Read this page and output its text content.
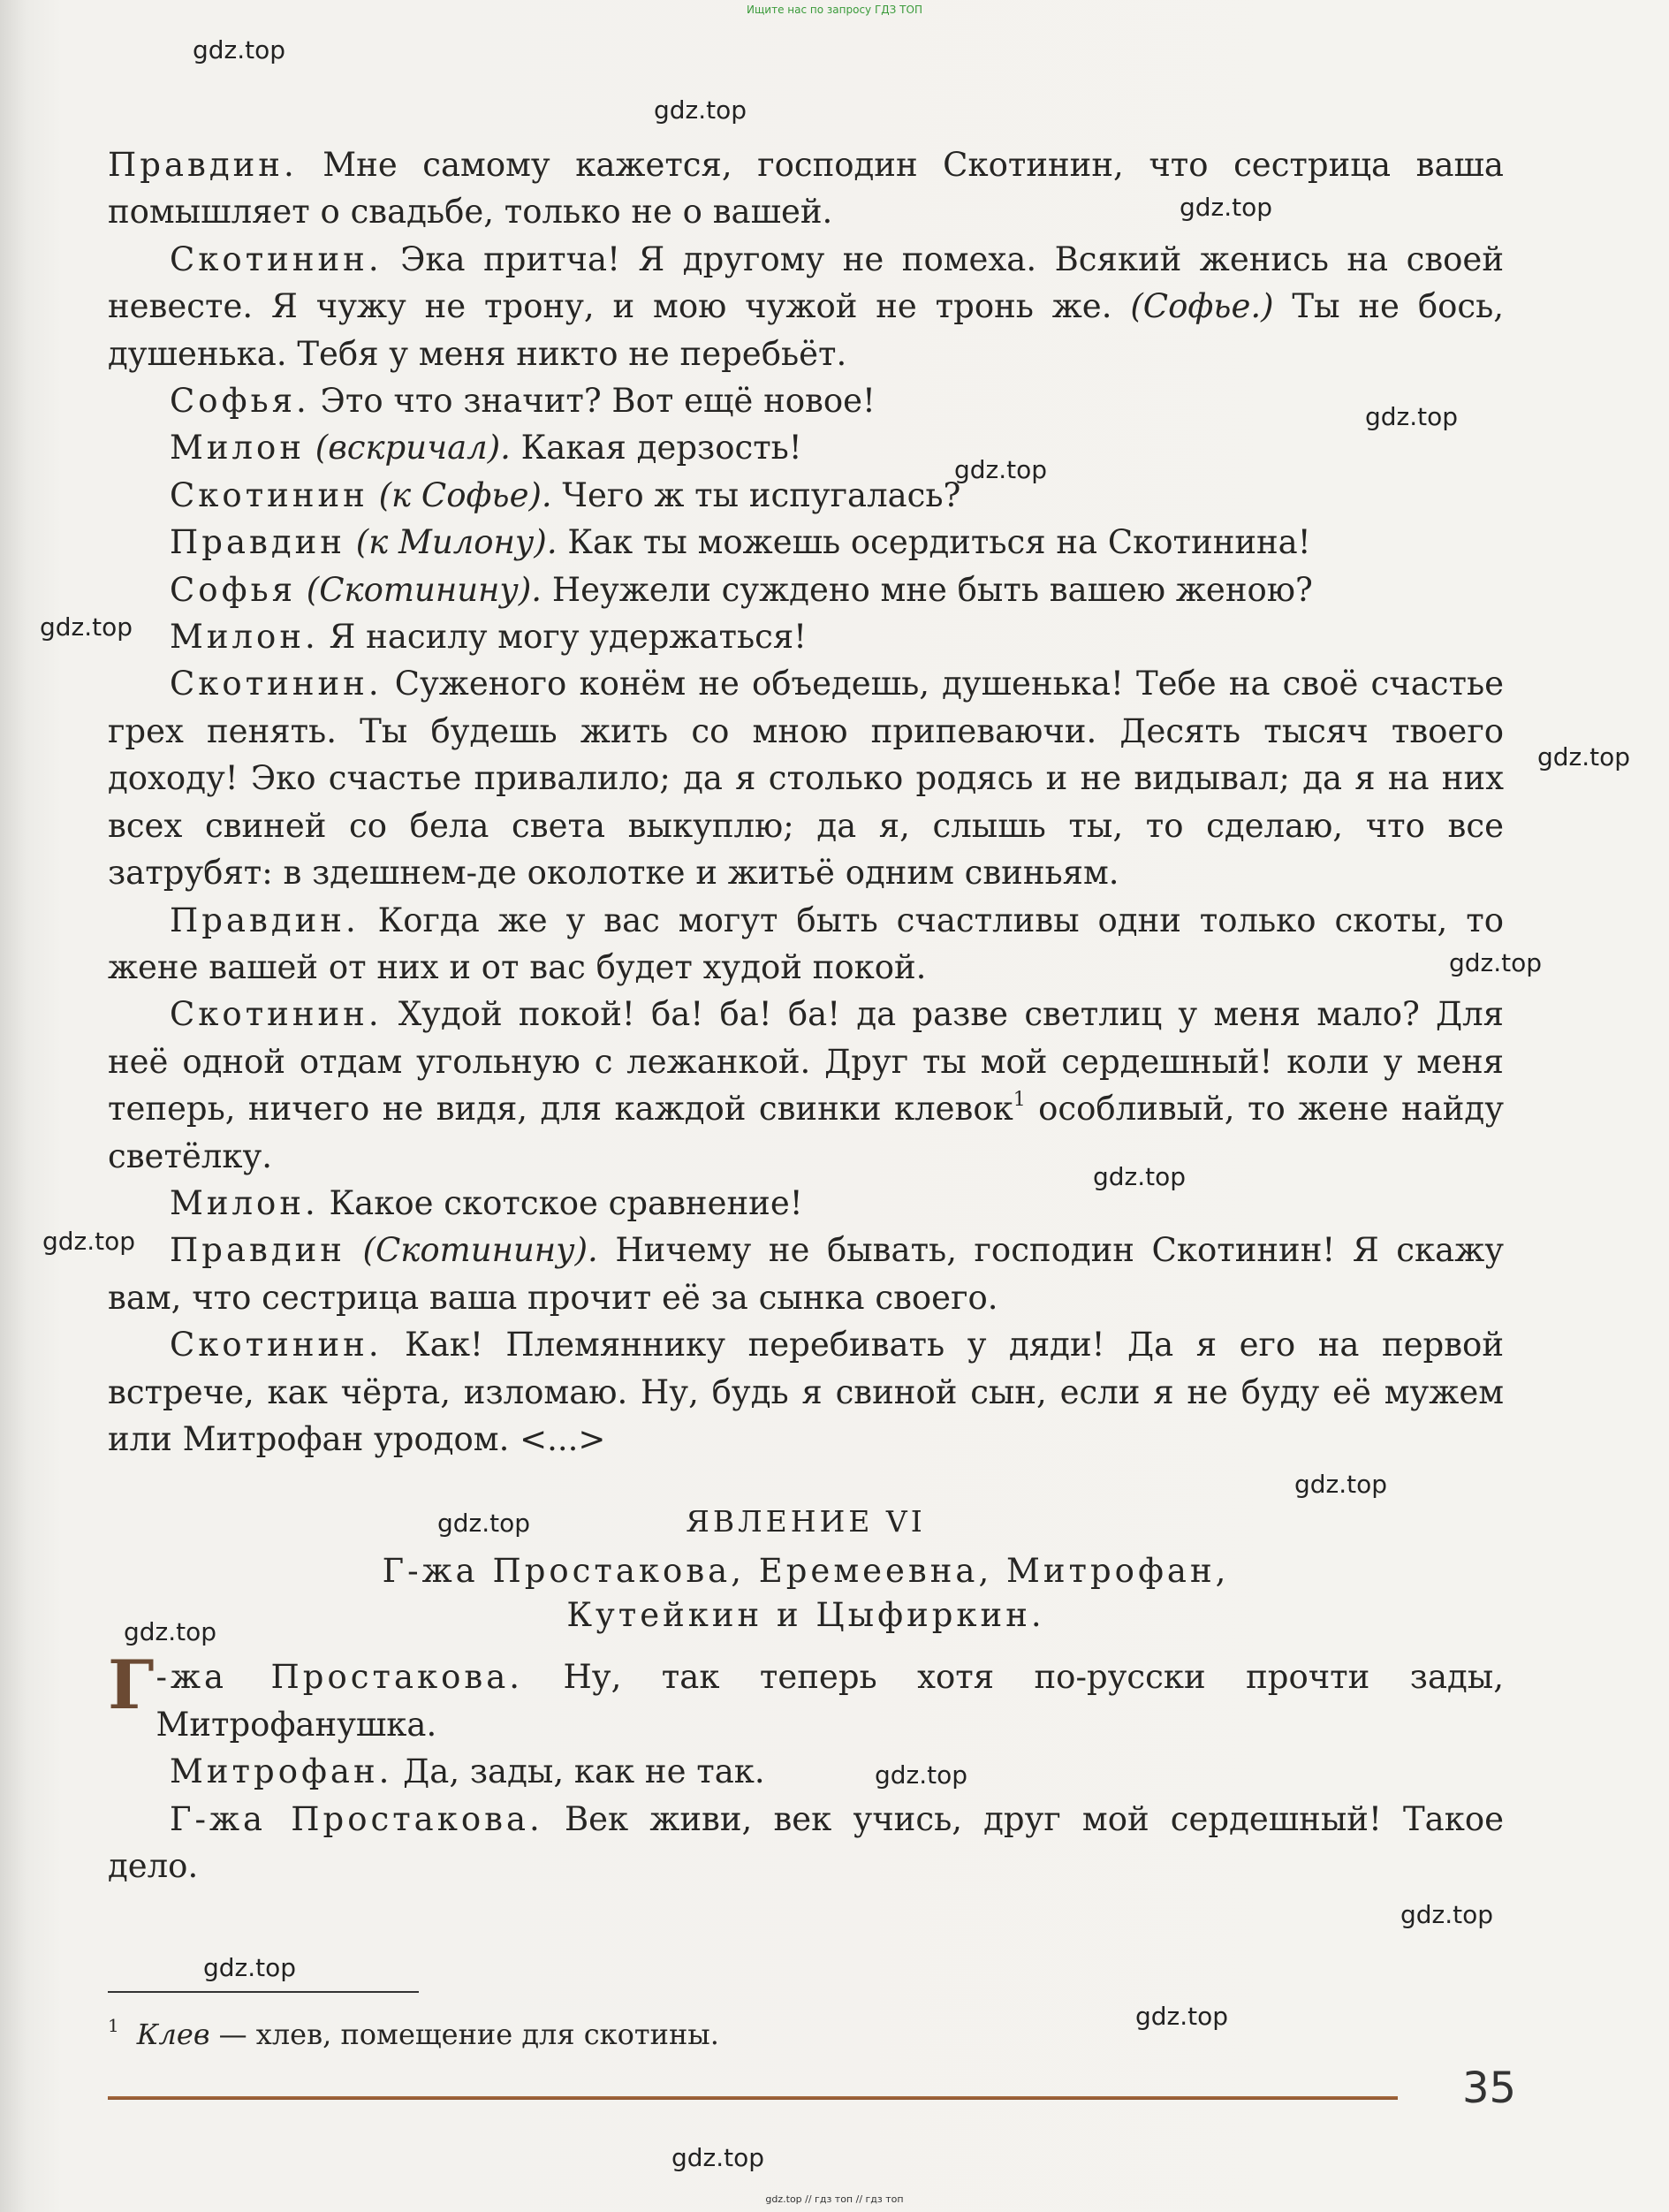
Ищите нас по запросу ГДЗ ТОП

Правдин. Мне самому кажется, господин Скотинин, что сестрица ваша помышляет о свадьбе, только не о вашей.

Скотинин. Эка притча! Я другому не помеха. Всякий женись на своей невесте. Я чужу не трону, и мою чужой не тронь же. (Софье.) Ты не бось, душенька. Тебя у меня никто не перебьёт.

Софья. Это что значит? Вот ещё новое!

Милон (вскричал). Какая дерзость!

Скотинин (к Софье). Чего ж ты испугалась?

Правдин (к Милону). Как ты можешь осердиться на Скотинина!

Софья (Скотинину). Неужели суждено мне быть вашею женою?

Милон. Я насилу могу удержаться!

Скотинин. Суженого конём не объедешь, душенька! Тебе на своё счастье грех пенять. Ты будешь жить со мною припеваючи. Десять тысяч твоего доходу! Эко счастье привалило; да я столько родясь и не видывал; да я на них всех свиней со бела света выкуплю; да я, слышь ты, то сделаю, что все затрубят: в здешнем-де околотке и житьё одним свиньям.

Правдин. Когда же у вас могут быть счастливы одни только скоты, то жене вашей от них и от вас будет худой покой.

Скотинин. Худой покой! ба! ба! ба! да разве светлиц у меня мало? Для неё одной отдам угольную с лежанкой. Друг ты мой сердешный! коли у меня теперь, ничего не видя, для каждой свинки клевок$^1$ особливый, то жене найду светёлку.

Милон. Какое скотское сравнение!

Правдин (Скотинину). Ничему не бывать, господин Скотинин! Я скажу вам, что сестрица ваша прочит её за сынка своего.

Скотинин. Как! Племяннику перебивать у дяди! Да я его на первой встрече, как чёрта, изломаю. Ну, будь я свиной сын, если я не буду её мужем или Митрофан уродом. <...>

ЯВЛЕНИЕ VI
Г-жа Простакова, Еремеевна, Митрофан,
Кутейкин и Цыфиркин.

Г -жа Простакова. Ну, так теперь хотя по-русски прочти зады, Митрофанушка.

Митрофан. Да, зады, как не так.

Г-жа Простакова. Век живи, век учись, друг мой сердешный! Такое дело.

$^1$ Клев — хлев, помещение для скотины.
35
gdz.top
gdz.top
gdz.top
gdz.top
gdz.top
gdz.top
gdz.top
gdz.top
gdz.top
gdz.top
gdz.top
gdz.top
gdz.top
gdz.top
gdz.top
gdz.top
gdz.top
gdz.top
gdz.top // гдз топ // гдз топ
